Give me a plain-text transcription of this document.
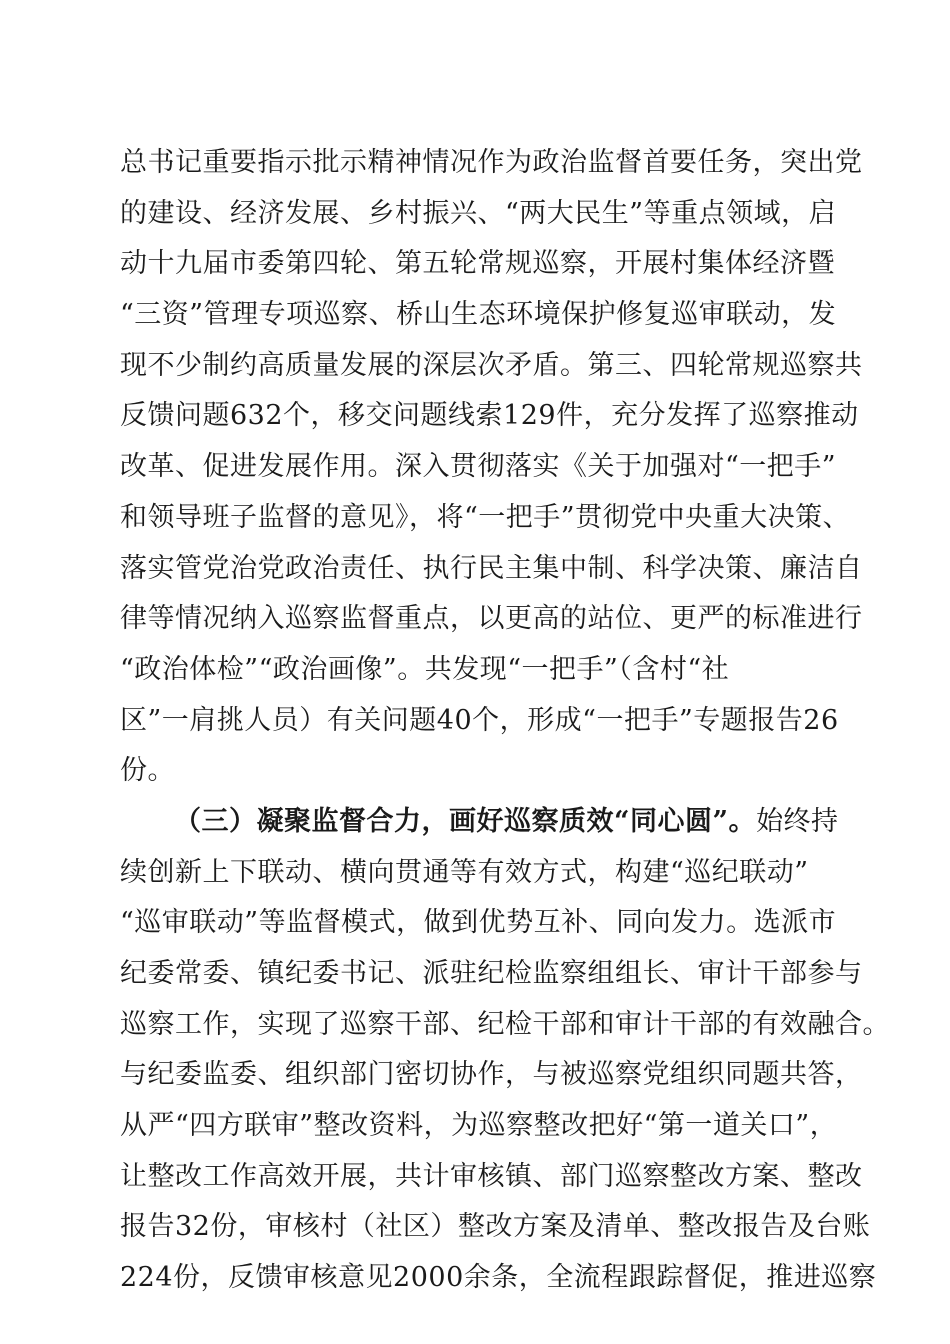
总书记重要指示批示精神情况作为政治监督首要任务，突出党
的建设、经济发展、乡村振兴、“两大民生”等重点领域，启
动十九届市委第四轮、第五轮常规巡察，开展村集体经济暨
“三资”管理专项巡察、桥山生态环境保护修复巡审联动，发
现不少制约高质量发展的深层次矛盾。第三、四轮常规巡察共
反馈问题632个，移交问题线索129件，充分发挥了巡察推动
改革、促进发展作用。深入贯彻落实《关于加强对“一把手”
和领导班子监督的意见》，将“一把手”贯彻党中央重大决策、
落实管党治党政治责任、执行民主集中制、科学决策、廉洁自
律等情况纳入巡察监督重点，以更高的站位、更严的标准进行
“政治体检”“政治画像”。共发现“一把手”（含村“社
区”一肩挑人员）有关问题40个，形成“一把手”专题报告26
份。
（三）凝聚监督合力，画好巡察质效“同心圆”。始终持
续创新上下联动、横向贯通等有效方式，构建“巡纪联动”
“巡审联动”等监督模式，做到优势互补、同向发力。选派市
纪委常委、镇纪委书记、派驻纪检监察组组长、审计干部参与
巡察工作，实现了巡察干部、纪检干部和审计干部的有效融合。
与纪委监委、组织部门密切协作，与被巡察党组织同题共答，
从严“四方联审”整改资料，为巡察整改把好“第一道关口”，
让整改工作高效开展，共计审核镇、部门巡察整改方案、整改
报告32份，审核村（社区）整改方案及清单、整改报告及台账
224份，反馈审核意见2000余条，全流程跟踪督促，推进巡察
